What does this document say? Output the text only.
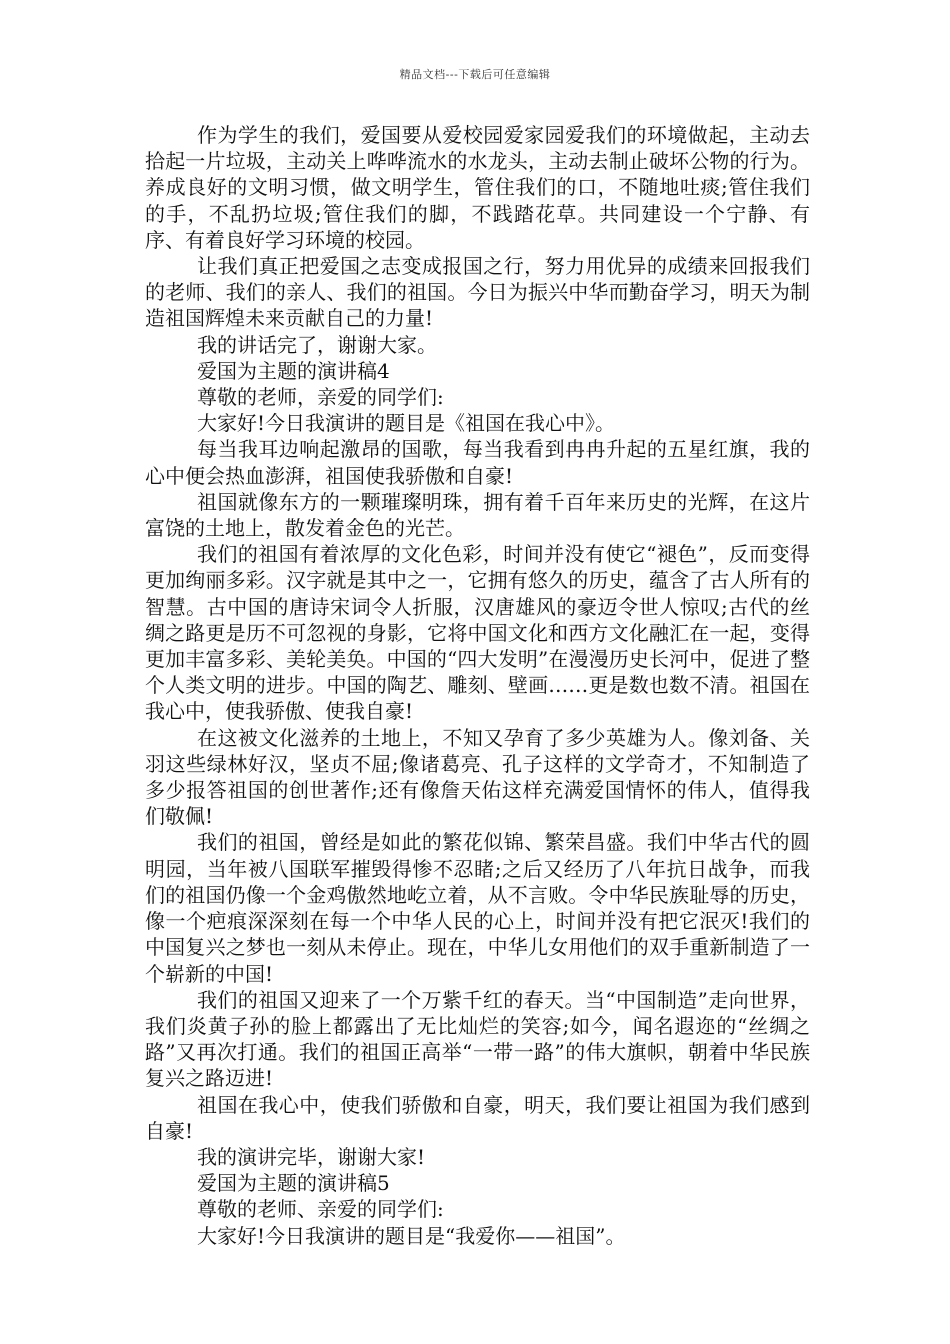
精品文档---下载后可任意编辑

作为学生的我们，爱国要从爱校园爱家园爱我们的环境做起，主动去拾起一片垃圾，主动关上哗哗流水的水龙头，主动去制止破坏公物的行为。养成良好的文明习惯，做文明学生，管住我们的口，不随地吐痰;管住我们的手，不乱扔垃圾;管住我们的脚，不践踏花草。共同建设一个宁静、有序、有着良好学习环境的校园。

让我们真正把爱国之志变成报国之行，努力用优异的成绩来回报我们的老师、我们的亲人、我们的祖国。今日为振兴中华而勤奋学习，明天为制造祖国辉煌未来贡献自己的力量!

我的讲话完了，谢谢大家。

爱国为主题的演讲稿4

尊敬的老师，亲爱的同学们:

大家好!今日我演讲的题目是《祖国在我心中》。

每当我耳边响起激昂的国歌，每当我看到冉冉升起的五星红旗，我的心中便会热血澎湃，祖国使我骄傲和自豪!

祖国就像东方的一颗璀璨明珠，拥有着千百年来历史的光辉，在这片富饶的土地上，散发着金色的光芒。

我们的祖国有着浓厚的文化色彩，时间并没有使它“褪色”，反而变得更加绚丽多彩。汉字就是其中之一，它拥有悠久的历史，蕴含了古人所有的智慧。古中国的唐诗宋词令人折服，汉唐雄风的豪迈令世人惊叹;古代的丝绸之路更是历不可忽视的身影，它将中国文化和西方文化融汇在一起，变得更加丰富多彩、美轮美奂。中国的“四大发明”在漫漫历史长河中，促进了整个人类文明的进步。中国的陶艺、雕刻、壁画……更是数也数不清。祖国在我心中，使我骄傲、使我自豪!

在这被文化滋养的土地上，不知又孕育了多少英雄为人。像刘备、关羽这些绿林好汉，坚贞不屈;像诸葛亮、孔子这样的文学奇才，不知制造了多少报答祖国的创世著作;还有像詹天佑这样充满爱国情怀的伟人，值得我们敬佩!

我们的祖国，曾经是如此的繁花似锦、繁荣昌盛。我们中华古代的圆明园，当年被八国联军摧毁得惨不忍睹;之后又经历了八年抗日战争，而我们的祖国仍像一个金鸡傲然地屹立着，从不言败。令中华民族耻辱的历史，像一个疤痕深深刻在每一个中华人民的心上，时间并没有把它泯灭!我们的中国复兴之梦也一刻从未停止。现在，中华儿女用他们的双手重新制造了一个崭新的中国!

我们的祖国又迎来了一个万紫千红的春天。当“中国制造”走向世界，我们炎黄子孙的脸上都露出了无比灿烂的笑容;如今，闻名遐迩的“丝绸之路”又再次打通。我们的祖国正高举“一带一路”的伟大旗帜，朝着中华民族复兴之路迈进!

祖国在我心中，使我们骄傲和自豪，明天，我们要让祖国为我们感到自豪!

我的演讲完毕，谢谢大家!

爱国为主题的演讲稿5

尊敬的老师、亲爱的同学们:

大家好!今日我演讲的题目是“我爱你——祖国”。
